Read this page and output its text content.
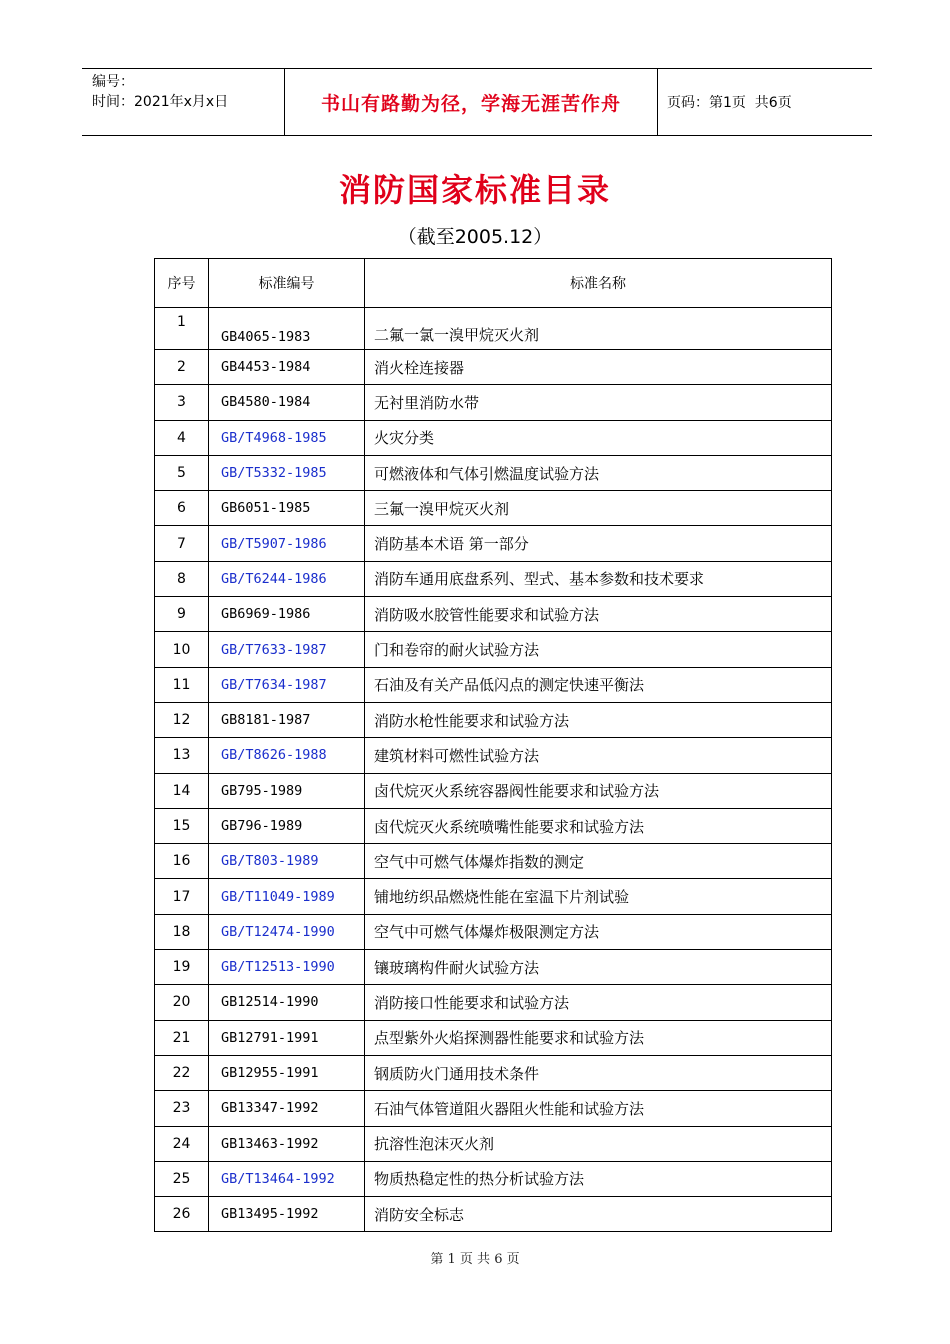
编号：
时间：2021年x月x日	书山有路勤为径，学海无涯苦作舟	页码：第1页  共6页
消防国家标准目录
（截至2005.12）
序号	标准编号	标准名称
1	GB4065-1983	二氟一氯一溴甲烷灭火剂
2	GB4453-1984	消火栓连接器
3	GB4580-1984	无衬里消防水带
4	GB/T4968-1985	火灾分类
5	GB/T5332-1985	可燃液体和气体引燃温度试验方法
6	GB6051-1985	三氟一溴甲烷灭火剂
7	GB/T5907-1986	消防基本术语 第一部分
8	GB/T6244-1986	消防车通用底盘系列、型式、基本参数和技术要求
9	GB6969-1986	消防吸水胶管性能要求和试验方法
10	GB/T7633-1987	门和卷帘的耐火试验方法
11	GB/T7634-1987	石油及有关产品低闪点的测定快速平衡法
12	GB8181-1987	消防水枪性能要求和试验方法
13	GB/T8626-1988	建筑材料可燃性试验方法
14	GB795-1989	卤代烷灭火系统容器阀性能要求和试验方法
15	GB796-1989	卤代烷灭火系统喷嘴性能要求和试验方法
16	GB/T803-1989	空气中可燃气体爆炸指数的测定
17	GB/T11049-1989	铺地纺织品燃烧性能在室温下片剂试验
18	GB/T12474-1990	空气中可燃气体爆炸极限测定方法
19	GB/T12513-1990	镶玻璃构件耐火试验方法
20	GB12514-1990	消防接口性能要求和试验方法
21	GB12791-1991	点型紫外火焰探测器性能要求和试验方法
22	GB12955-1991	钢质防火门通用技术条件
23	GB13347-1992	石油气体管道阻火器阻火性能和试验方法
24	GB13463-1992	抗溶性泡沫灭火剂
25	GB/T13464-1992	物质热稳定性的热分析试验方法
26	GB13495-1992	消防安全标志
第 1 页 共 6 页
